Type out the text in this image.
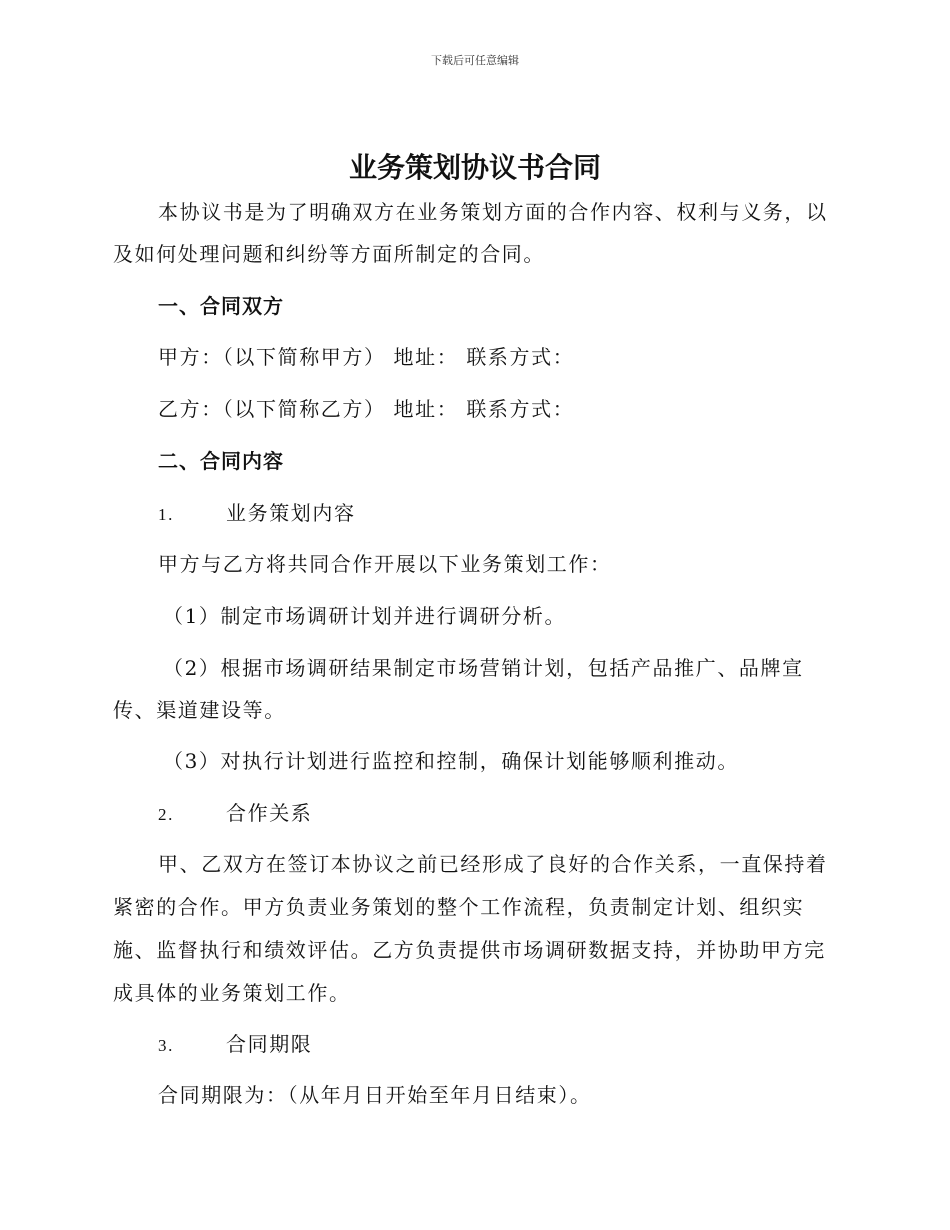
下载后可任意编辑
业务策划协议书合同
本协议书是为了明确双方在业务策划方面的合作内容、权利与义务，以
及如何处理问题和纠纷等方面所制定的合同。
一、合同双方
甲方：（以下简称甲方） 地址： 联系方式：
乙方：（以下简称乙方） 地址： 联系方式：
二、合同内容
1.	业务策划内容
甲方与乙方将共同合作开展以下业务策划工作：
（1）制定市场调研计划并进行调研分析。
（2）根据市场调研结果制定市场营销计划，包括产品推广、品牌宣
传、渠道建设等。
（3）对执行计划进行监控和控制，确保计划能够顺利推动。
2.	合作关系
甲、乙双方在签订本协议之前已经形成了良好的合作关系，一直保持着
紧密的合作。甲方负责业务策划的整个工作流程，负责制定计划、组织实
施、监督执行和绩效评估。乙方负责提供市场调研数据支持，并协助甲方完
成具体的业务策划工作。
3.	合同期限
合同期限为：（从年月日开始至年月日结束）。
